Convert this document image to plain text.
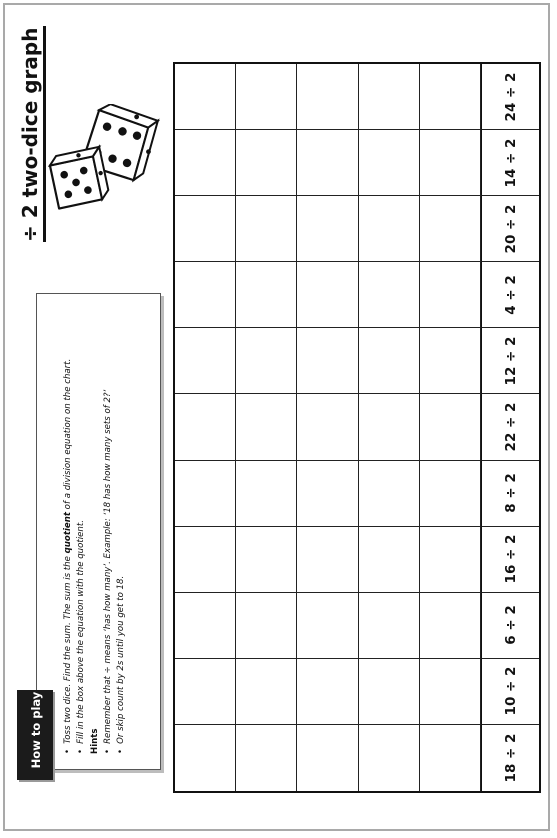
÷ 2 two-dice graph
How to play	•Toss two dice. Find the sum. The sum is the quotient of a division equation on the chart.
•Fill in the box above the equation with the quotient. Hints •Remember that ÷ means ‘has how many’. Example: ‘18 has how many sets of 2?’
•Or skip count by 2s until you get to 18.
24 ÷ 2
14 ÷ 2
20 ÷ 2
4 ÷ 2
12 ÷ 2
22 ÷ 2
8 ÷ 2
16 ÷ 2
6 ÷ 2
10 ÷ 2
18 ÷ 2
